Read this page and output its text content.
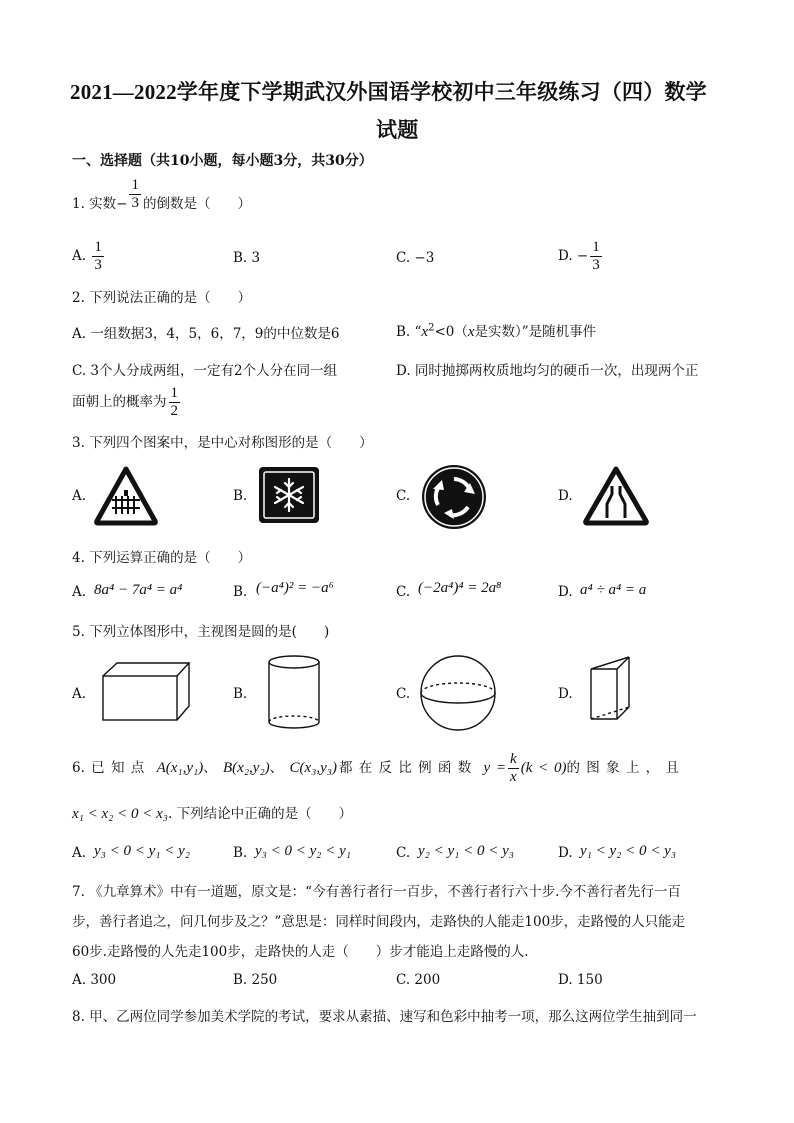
2021—2022学年度下学期武汉外国语学校初中三年级练习（四）数学
试题
一、选择题（共10小题，每小题3分，共30分）
1. 实数− $\frac{1}{3}$ 的倒数是（　　）
A. $\frac{1}{3}$	B. 3	C. −3	D. − $\frac{1}{3}$
2. 下列说法正确的是（　　）
A. 一组数据3，4，5，6，7，9的中位数是6	B. “$x^2<0(x$是实数）”是随机事件
C. 3个人分成两组，一定有2个人分在同一组	D. 同时抛掷两枚质地均匀的硬币一次，出现两个正
面朝上的概率为 $\frac{1}{2}$
3. 下列四个图案中，是中心对称图形的是（　　）
A.	B.	C.	D.
4. 下列运算正确的是（　　）
A. 8a⁴ − 7a⁴ = a⁴	B. (−a⁴)² = −a⁶	C. (−2a⁴)⁴ = 2a⁸	D. a⁴ ÷ a⁴ = a
5. 下列立体图形中，主视图是圆的是(　　)
A.	B.	C.	D.
6. 已 知 点 A(x₁,y₁)、 B(x₂,y₂)、 C(x₃,y₃) 都 在 反 比 例 函 数 $y = \frac{k}{x} (k < 0)$的 图 象 上 ， 且
x₁ < x₂ < 0 < x₃. 下列结论中正确的是（　　）
A. y₃ < 0 < y₁ < y₂	B. y₃ < 0 < y₂ < y₁	C. y₂ < y₁ < 0 < y₃	D. y₁ < y₂ < 0 < y₃
7. 《九章算术》中有一道题，原文是：“今有善行者行一百步，不善行者行六十步.今不善行者先行一百
步，善行者追之，问几何步及之？”意思是：同样时间段内，走路快的人能走100步，走路慢的人只能走
60步.走路慢的人先走100步，走路快的人走（　　）步才能追上走路慢的人.
A. 300	B. 250	C. 200	D. 150
8. 甲、乙两位同学参加美术学院的考试，要求从素描、速写和色彩中抽考一项，那么这两位学生抽到同一
